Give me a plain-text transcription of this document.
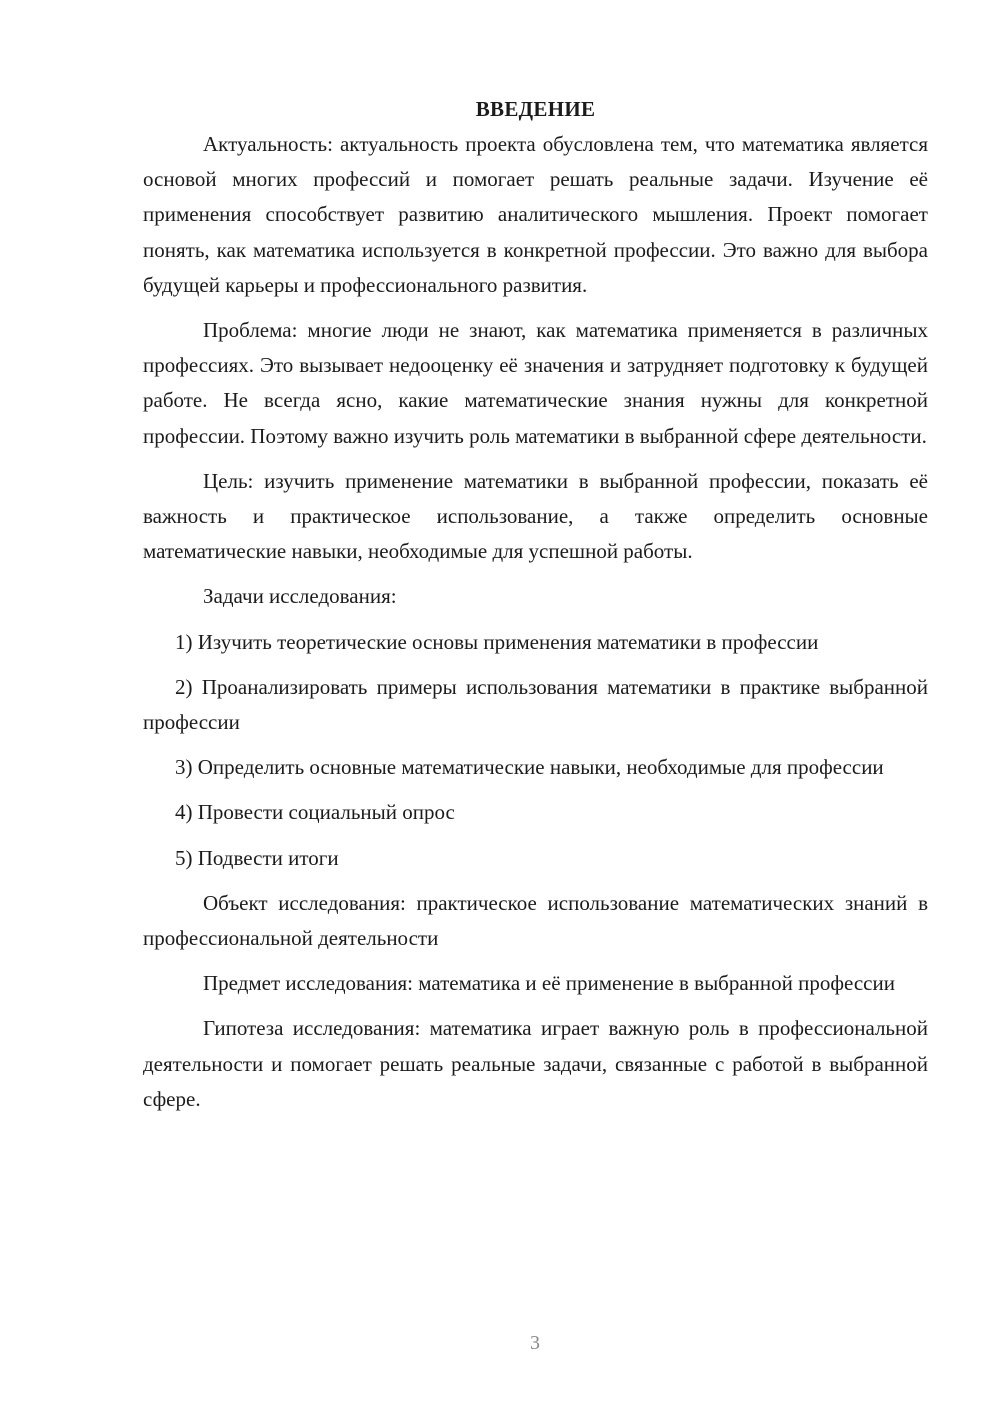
ВВЕДЕНИЕ

Актуальность: актуальность проекта обусловлена тем, что математика является основой многих профессий и помогает решать реальные задачи. Изучение её применения способствует развитию аналитического мышления. Проект помогает понять, как математика используется в конкретной профессии. Это важно для выбора будущей карьеры и профессионального развития.

Проблема: многие люди не знают, как математика применяется в различных профессиях. Это вызывает недооценку её значения и затрудняет подготовку к будущей работе. Не всегда ясно, какие математические знания нужны для конкретной профессии. Поэтому важно изучить роль математики в выбранной сфере деятельности.

Цель: изучить применение математики в выбранной профессии, показать её важность и практическое использование, а также определить основные математические навыки, необходимые для успешной работы.

Задачи исследования:

1) Изучить теоретические основы применения математики в профессии

2) Проанализировать примеры использования математики в практике выбранной профессии

3) Определить основные математические навыки, необходимые для профессии

4) Провести социальный опрос

5) Подвести итоги

Объект исследования: практическое использование математических знаний в профессиональной деятельности

Предмет исследования: математика и её применение в выбранной профессии

Гипотеза исследования: математика играет важную роль в профессиональной деятельности и помогает решать реальные задачи, связанные с работой в выбранной сфере.

3
